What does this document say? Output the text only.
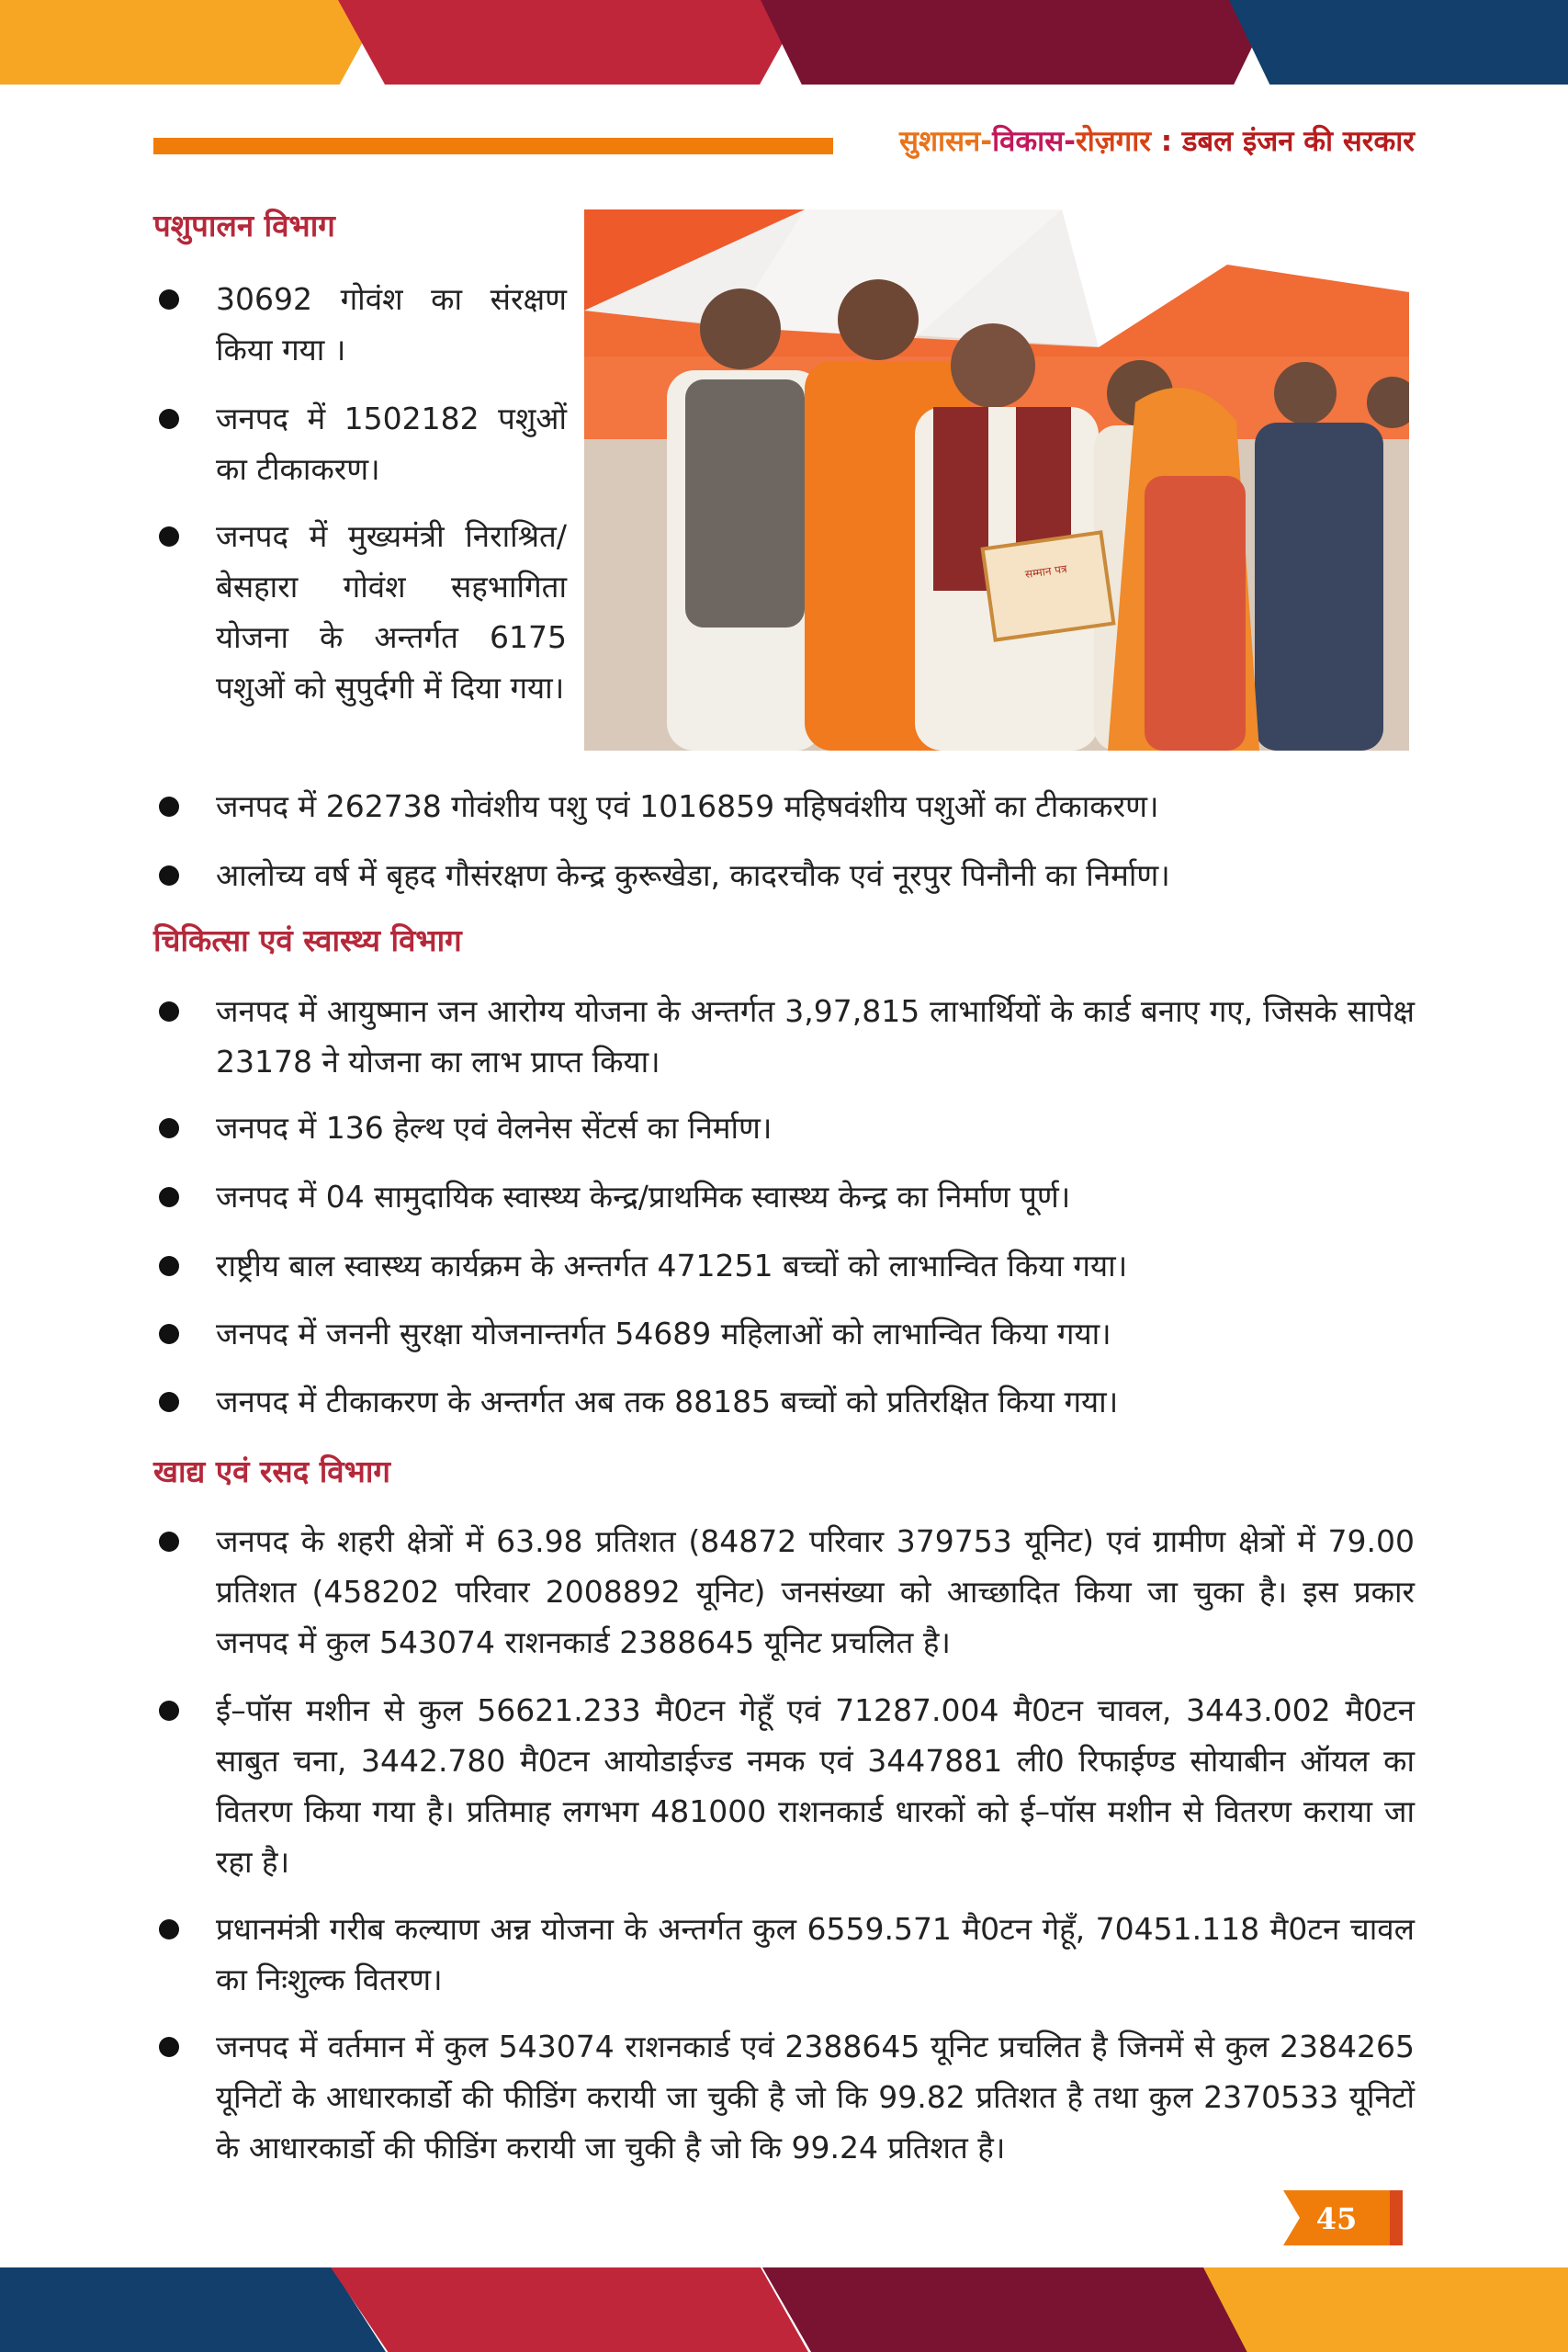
सुशासन-विकास-रोज़गार : डबल इंजन की सरकार
पशुपालन विभाग
30692 गोवंश का संरक्षण किया गया ।
जनपद में 1502182 पशुओं का टीकाकरण।
जनपद में मुख्यमंत्री निराश्रित/बेसहारा गोवंश सहभागिता योजना के अन्तर्गत 6175 पशुओं को सुपुर्दगी में दिया गया।
जनपद में 262738 गोवंशीय पशु एवं 1016859 महिषवंशीय पशुओं का टीकाकरण।
आलोच्य वर्ष में बृहद गौसंरक्षण केन्द्र कुरूखेडा, कादरचौक एवं नूरपुर पिनौनी का निर्माण।
सम्मान पत्र
चिकित्सा एवं स्वास्थ्य विभाग
जनपद में आयुष्मान जन आरोग्य योजना के अन्तर्गत 3,97,815 लाभार्थियों के कार्ड बनाए गए, जिसके सापेक्ष 23178 ने योजना का लाभ प्राप्त किया।
जनपद में 136 हेल्थ एवं वेलनेस सेंटर्स का निर्माण।
जनपद में 04 सामुदायिक स्वास्थ्य केन्द्र/प्राथमिक स्वास्थ्य केन्द्र का निर्माण पूर्ण।
राष्ट्रीय बाल स्वास्थ्य कार्यक्रम के अन्तर्गत 471251 बच्चों को लाभान्वित किया गया।
जनपद में जननी सुरक्षा योजनान्तर्गत 54689 महिलाओं को लाभान्वित किया गया।
जनपद में टीकाकरण के अन्तर्गत अब तक 88185 बच्चों को प्रतिरक्षित किया गया।
खाद्य एवं रसद विभाग
जनपद के शहरी क्षेत्रों में 63.98 प्रतिशत (84872 परिवार 379753 यूनिट) एवं ग्रामीण क्षेत्रों में 79.00 प्रतिशत (458202 परिवार 2008892 यूनिट) जनसंख्या को आच्छादित किया जा चुका है। इस प्रकार जनपद में कुल 543074 राशनकार्ड 2388645 यूनिट प्रचलित है।
ई–पॉस मशीन से कुल 56621.233 मै0टन गेहूँ एवं 71287.004 मै0टन चावल, 3443.002 मै0टन साबुत चना, 3442.780 मै0टन आयोडाईज्ड नमक एवं 3447881 ली0 रिफाईण्ड सोयाबीन ऑयल का वितरण किया गया है। प्रतिमाह लगभग 481000 राशनकार्ड धारकों को ई–पॉस मशीन से वितरण कराया जा रहा है।
प्रधानमंत्री गरीब कल्याण अन्न योजना के अन्तर्गत कुल 6559.571 मै0टन गेहूँ, 70451.118 मै0टन चावल का निःशुल्क वितरण।
जनपद में वर्तमान में कुल 543074 राशनकार्ड एवं 2388645 यूनिट प्रचलित है जिनमें से कुल 2384265 यूनिटों के आधारकार्डो की फीडिंग करायी जा चुकी है जो कि 99.82 प्रतिशत है तथा कुल 2370533 यूनिटों के आधारकार्डो की फीडिंग करायी जा चुकी है जो कि 99.24 प्रतिशत है।
45
